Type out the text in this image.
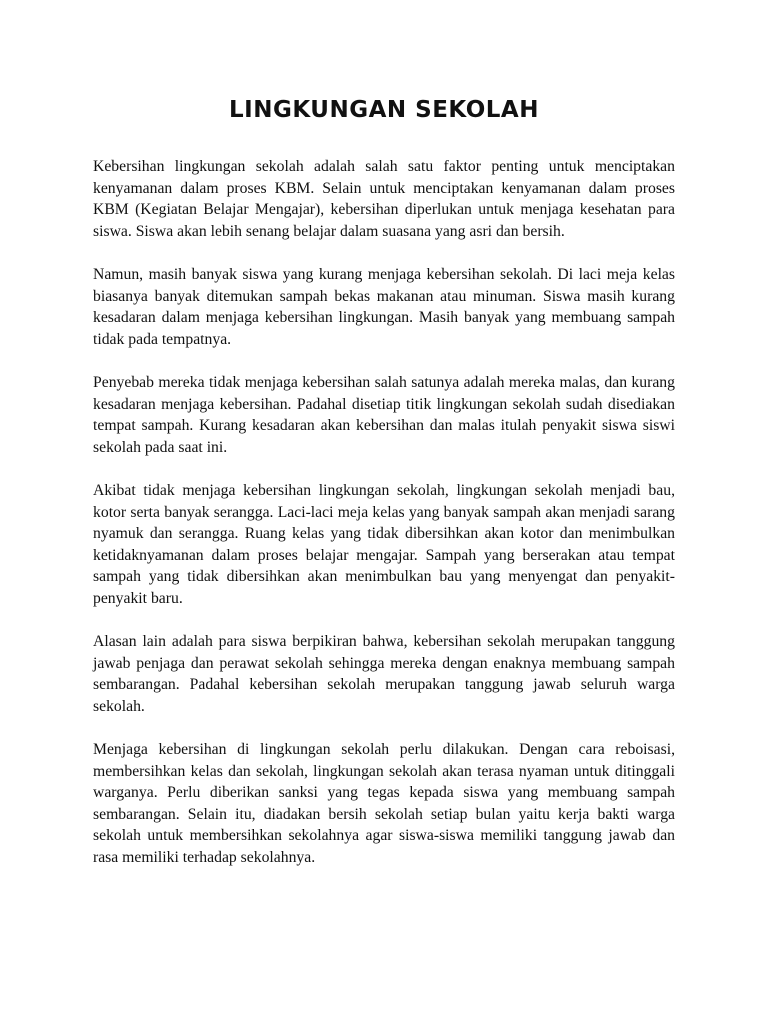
LINGKUNGAN SEKOLAH

Kebersihan lingkungan sekolah adalah salah satu faktor penting untuk menciptakan kenyamanan dalam proses KBM. Selain untuk menciptakan kenyamanan dalam proses KBM (Kegiatan Belajar Mengajar), kebersihan diperlukan untuk menjaga kesehatan para siswa. Siswa akan lebih senang belajar dalam suasana yang asri dan bersih.

Namun, masih banyak siswa yang kurang menjaga kebersihan sekolah. Di laci meja kelas biasanya banyak ditemukan sampah bekas makanan atau minuman. Siswa masih kurang kesadaran dalam menjaga kebersihan lingkungan. Masih banyak yang membuang sampah tidak pada tempatnya.

Penyebab mereka tidak menjaga kebersihan salah satunya adalah mereka malas, dan kurang kesadaran menjaga kebersihan. Padahal disetiap titik lingkungan sekolah sudah disediakan tempat sampah. Kurang kesadaran akan kebersihan dan malas itulah penyakit siswa siswi sekolah pada saat ini.

Akibat tidak menjaga kebersihan lingkungan sekolah, lingkungan sekolah menjadi bau, kotor serta banyak serangga. Laci-laci meja kelas yang banyak sampah akan menjadi sarang nyamuk dan serangga. Ruang kelas yang tidak dibersihkan akan kotor dan menimbulkan ketidaknyamanan dalam proses belajar mengajar. Sampah yang berserakan atau tempat sampah yang tidak dibersihkan akan menimbulkan bau yang menyengat dan penyakit-penyakit baru.

Alasan lain adalah para siswa berpikiran bahwa, kebersihan sekolah merupakan tanggung jawab penjaga dan perawat sekolah sehingga mereka dengan enaknya membuang sampah sembarangan. Padahal kebersihan sekolah merupakan tanggung jawab seluruh warga sekolah.

Menjaga kebersihan di lingkungan sekolah perlu dilakukan. Dengan cara reboisasi, membersihkan kelas dan sekolah, lingkungan sekolah akan terasa nyaman untuk ditinggali warganya. Perlu diberikan sanksi yang tegas kepada siswa yang membuang sampah sembarangan. Selain itu, diadakan bersih sekolah setiap bulan yaitu kerja bakti warga sekolah untuk membersihkan sekolahnya agar siswa-siswa memiliki tanggung jawab dan rasa memiliki terhadap sekolahnya.
